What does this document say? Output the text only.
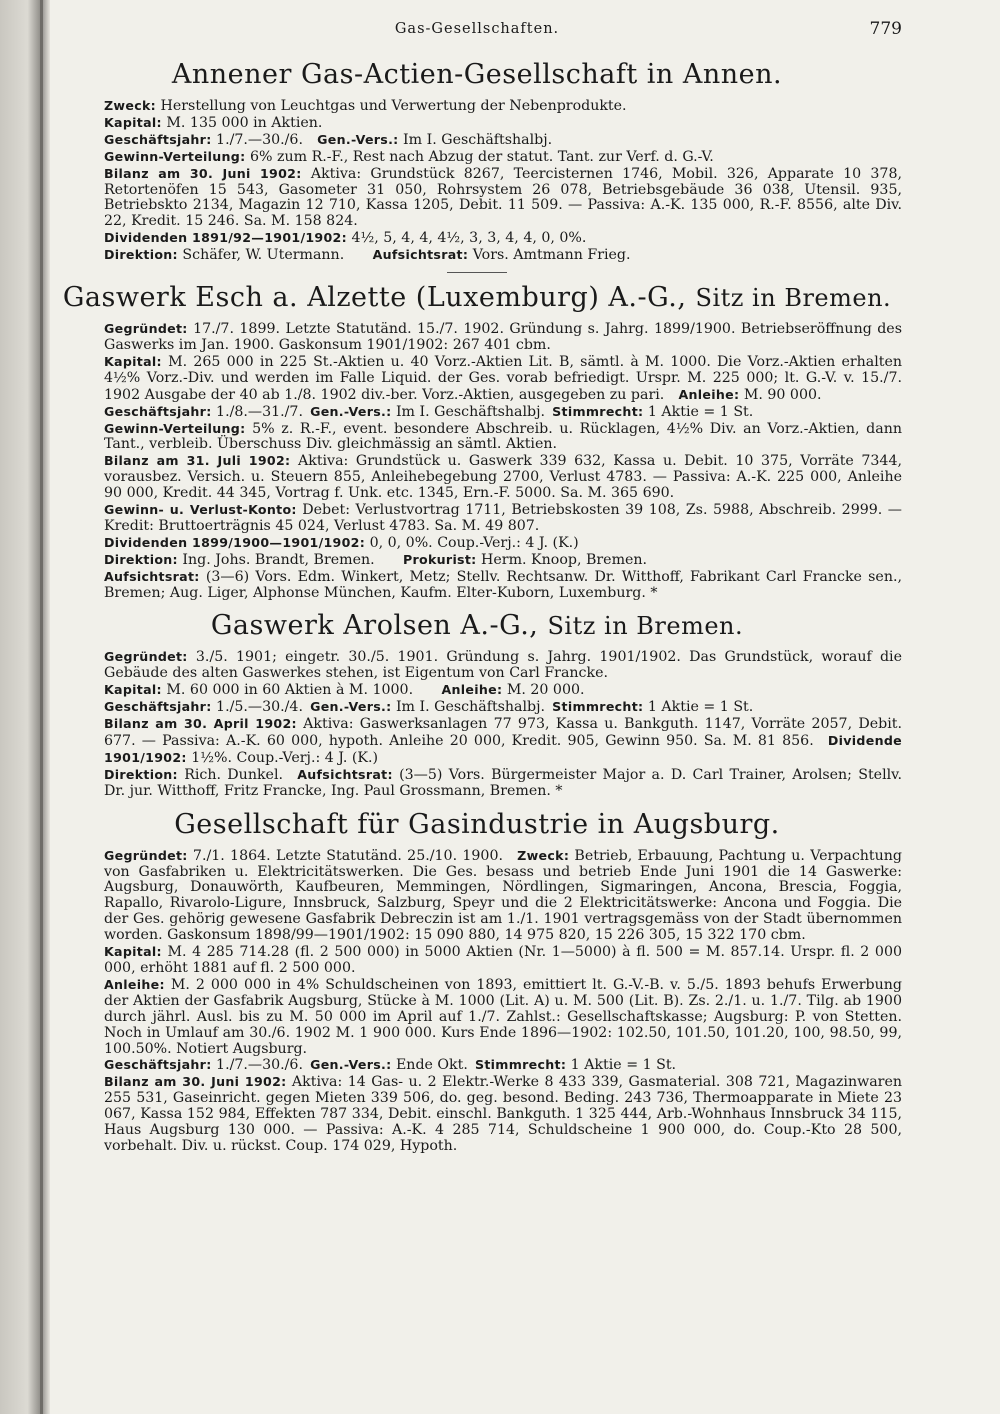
Gas-Gesellschaften.	779
Annener Gas-Actien-Gesellschaft in Annen.

Zweck: Herstellung von Leuchtgas und Verwertung der Nebenprodukte.

Kapital: M. 135 000 in Aktien.

Geschäftsjahr: 1./7.—30./6.  Gen.-Vers.: Im I. Geschäftshalbj.

Gewinn-Verteilung: 6% zum R.-F., Rest nach Abzug der statut. Tant. zur Verf. d. G.-V.

Bilanz am 30. Juni 1902: Aktiva: Grundstück 8267, Teercisternen 1746, Mobil. 326, Apparate 10 378, Retortenöfen 15 543, Gasometer 31 050, Rohrsystem 26 078, Betriebsgebäude 36 038, Utensil. 935, Betriebskto 2134, Magazin 12 710, Kassa 1205, Debit. 11 509. — Passiva: A.-K. 135 000, R.-F. 8556, alte Div. 22, Kredit. 15 246. Sa. M. 158 824.

Dividenden 1891/92—1901/1902: 4½, 5, 4, 4, 4½, 3, 3, 4, 4, 0, 0%.

Direktion: Schäfer, W. Utermann.   Aufsichtsrat: Vors. Amtmann Frieg.

Gaswerk Esch a. Alzette (Luxemburg) A.-G., Sitz in Bremen.

Gegründet: 17./7. 1899. Letzte Statutänd. 15./7. 1902. Gründung s. Jahrg. 1899/1900. Betriebseröffnung des Gaswerks im Jan. 1900. Gaskonsum 1901/1902: 267 401 cbm.

Kapital: M. 265 000 in 225 St.-Aktien u. 40 Vorz.-Aktien Lit. B, sämtl. à M. 1000. Die Vorz.-Aktien erhalten 4½% Vorz.-Div. und werden im Falle Liquid. der Ges. vorab befriedigt. Urspr. M. 225 000; lt. G.-V. v. 15./7. 1902 Ausgabe der 40 ab 1./8. 1902 div.-ber. Vorz.-Aktien, ausgegeben zu pari.  Anleihe: M. 90 000.

Geschäftsjahr: 1./8.—31./7.  Gen.-Vers.: Im I. Geschäftshalbj.  Stimmrecht: 1 Aktie = 1 St.

Gewinn-Verteilung: 5% z. R.-F., event. besondere Abschreib. u. Rücklagen, 4½% Div. an Vorz.-Aktien, dann Tant., verbleib. Überschuss Div. gleichmässig an sämtl. Aktien.

Bilanz am 31. Juli 1902: Aktiva: Grundstück u. Gaswerk 339 632, Kassa u. Debit. 10 375, Vorräte 7344, vorausbez. Versich. u. Steuern 855, Anleihebegebung 2700, Verlust 4783. — Passiva: A.-K. 225 000, Anleihe 90 000, Kredit. 44 345, Vortrag f. Unk. etc. 1345, Ern.-F. 5000. Sa. M. 365 690.

Gewinn- u. Verlust-Konto: Debet: Verlustvortrag 1711, Betriebskosten 39 108, Zs. 5988, Abschreib. 2999. — Kredit: Bruttoerträgnis 45 024, Verlust 4783. Sa. M. 49 807.

Dividenden 1899/1900—1901/1902: 0, 0, 0%. Coup.-Verj.: 4 J. (K.)

Direktion: Ing. Johs. Brandt, Bremen.   Prokurist: Herm. Knoop, Bremen.

Aufsichtsrat: (3—6) Vors. Edm. Winkert, Metz; Stellv. Rechtsanw. Dr. Witthoff, Fabrikant Carl Francke sen., Bremen; Aug. Liger, Alphonse München, Kaufm. Elter-Kuborn, Luxemburg. *

Gaswerk Arolsen A.-G., Sitz in Bremen.

Gegründet: 3./5. 1901; eingetr. 30./5. 1901. Gründung s. Jahrg. 1901/1902. Das Grundstück, worauf die Gebäude des alten Gaswerkes stehen, ist Eigentum von Carl Francke.

Kapital: M. 60 000 in 60 Aktien à M. 1000.   Anleihe: M. 20 000.

Geschäftsjahr: 1./5.—30./4.  Gen.-Vers.: Im I. Geschäftshalbj.  Stimmrecht: 1 Aktie = 1 St.

Bilanz am 30. April 1902: Aktiva: Gaswerksanlagen 77 973, Kassa u. Bankguth. 1147, Vorräte 2057, Debit. 677. — Passiva: A.-K. 60 000, hypoth. Anleihe 20 000, Kredit. 905, Gewinn 950. Sa. M. 81 856.  Dividende 1901/1902: 1½%. Coup.-Verj.: 4 J. (K.)

Direktion: Rich. Dunkel.  Aufsichtsrat: (3—5) Vors. Bürgermeister Major a. D. Carl Trainer, Arolsen; Stellv. Dr. jur. Witthoff, Fritz Francke, Ing. Paul Grossmann, Bremen. *

Gesellschaft für Gasindustrie in Augsburg.

Gegründet: 7./1. 1864. Letzte Statutänd. 25./10. 1900.  Zweck: Betrieb, Erbauung, Pachtung u. Verpachtung von Gasfabriken u. Elektricitätswerken. Die Ges. besass und betrieb Ende Juni 1901 die 14 Gaswerke: Augsburg, Donauwörth, Kaufbeuren, Memmingen, Nördlingen, Sigmaringen, Ancona, Brescia, Foggia, Rapallo, Rivarolo-Ligure, Innsbruck, Salzburg, Speyr und die 2 Elektricitätswerke: Ancona und Foggia. Die der Ges. gehörig gewesene Gasfabrik Debreczin ist am 1./1. 1901 vertragsgemäss von der Stadt übernommen worden. Gaskonsum 1898/99—1901/1902: 15 090 880, 14 975 820, 15 226 305, 15 322 170 cbm.

Kapital: M. 4 285 714.28 (fl. 2 500 000) in 5000 Aktien (Nr. 1—5000) à fl. 500 = M. 857.14. Urspr. fl. 2 000 000, erhöht 1881 auf fl. 2 500 000.

Anleihe: M. 2 000 000 in 4% Schuldscheinen von 1893, emittiert lt. G.-V.-B. v. 5./5. 1893 behufs Erwerbung der Aktien der Gasfabrik Augsburg, Stücke à M. 1000 (Lit. A) u. M. 500 (Lit. B). Zs. 2./1. u. 1./7. Tilg. ab 1900 durch jährl. Ausl. bis zu M. 50 000 im April auf 1./7. Zahlst.: Gesellschaftskasse; Augsburg: P. von Stetten. Noch in Umlauf am 30./6. 1902 M. 1 900 000. Kurs Ende 1896—1902: 102.50, 101.50, 101.20, 100, 98.50, 99, 100.50%. Notiert Augsburg.

Geschäftsjahr: 1./7.—30./6.  Gen.-Vers.: Ende Okt.  Stimmrecht: 1 Aktie = 1 St.

Bilanz am 30. Juni 1902: Aktiva: 14 Gas- u. 2 Elektr.-Werke 8 433 339, Gasmaterial. 308 721, Magazinwaren 255 531, Gaseinricht. gegen Mieten 339 506, do. geg. besond. Beding. 243 736, Thermoapparate in Miete 23 067, Kassa 152 984, Effekten 787 334, Debit. einschl. Bankguth. 1 325 444, Arb.-Wohnhaus Innsbruck 34 115, Haus Augsburg 130 000. — Passiva: A.-K. 4 285 714, Schuldscheine 1 900 000, do. Coup.-Kto 28 500, vorbehalt. Div. u. rückst. Coup. 174 029, Hypoth.
